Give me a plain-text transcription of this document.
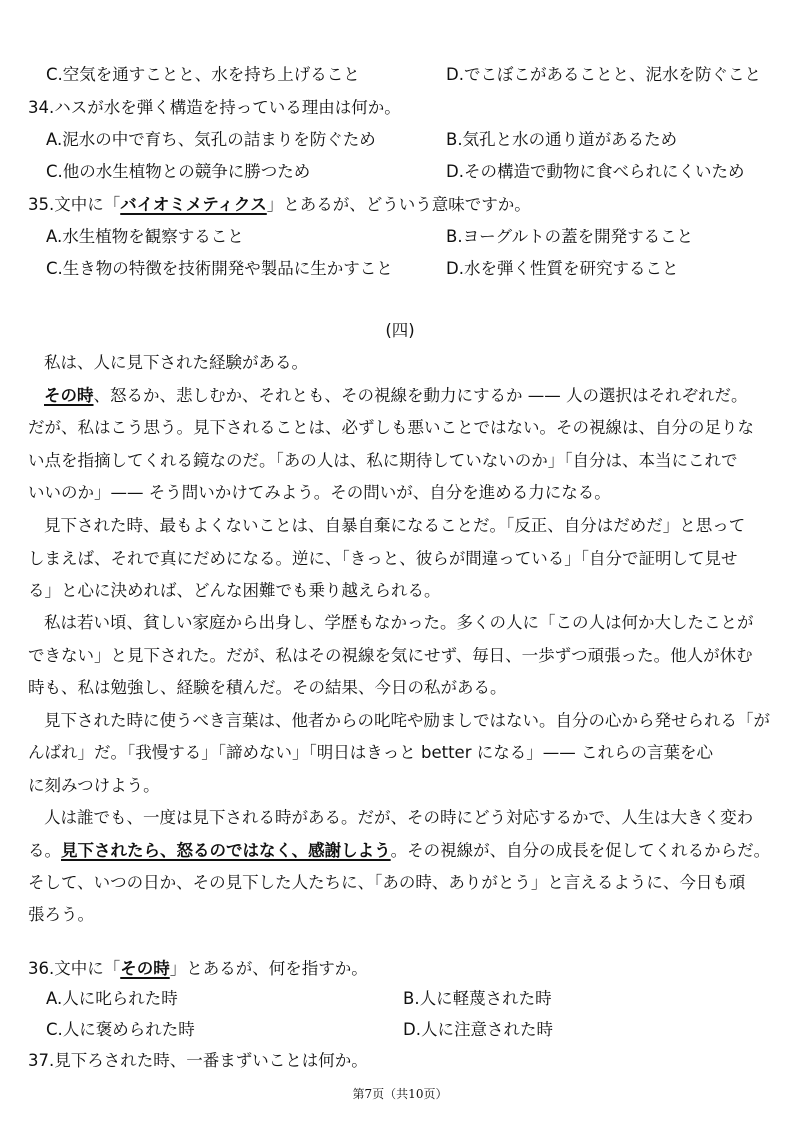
C.空気を通すことと、水を持ち上げること	D.でこぼこがあることと、泥水を防ぐこと
34.ハスが水を弾く構造を持っている理由は何か。
A.泥水の中で育ち、気孔の詰まりを防ぐため	B.気孔と水の通り道があるため
C.他の水生植物との競争に勝つため	D.その構造で動物に食べられにくいため
35.文中に「バイオミメティクス」とあるが、どういう意味ですか。
A.水生植物を観察すること	B.ヨーグルトの蓋を開発すること
C.生き物の特徴を技術開発や製品に生かすこと	D.水を弾く性質を研究すること
(四)
私は、人に見下された経験がある。
その時、怒るか、悲しむか、それとも、その視線を動力にするか —— 人の選択はそれぞれだ。
だが、私はこう思う。見下されることは、必ずしも悪いことではない。その視線は、自分の足りな
い点を指摘してくれる鏡なのだ。「あの人は、私に期待していないのか」「自分は、本当にこれで
いいのか」—— そう問いかけてみよう。その問いが、自分を進める力になる。
見下された時、最もよくないことは、自暴自棄になることだ。「反正、自分はだめだ」と思って
しまえば、それで真にだめになる。逆に、「きっと、彼らが間違っている」「自分で証明して見せ
る」と心に決めれば、どんな困難でも乗り越えられる。
私は若い頃、貧しい家庭から出身し、学歴もなかった。多くの人に「この人は何か大したことが
できない」と見下された。だが、私はその視線を気にせず、毎日、一歩ずつ頑張った。他人が休む
時も、私は勉強し、経験を積んだ。その結果、今日の私がある。
見下された時に使うべき言葉は、他者からの叱咤や励ましではない。自分の心から発せられる「が
んばれ」だ。「我慢する」「諦めない」「明日はきっと better になる」—— これらの言葉を心
に刻みつけよう。
人は誰でも、一度は見下される時がある。だが、その時にどう対応するかで、人生は大きく変わ
る。見下されたら、怒るのではなく、感謝しよう。その視線が、自分の成長を促してくれるからだ。
そして、いつの日か、その見下した人たちに、「あの時、ありがとう」と言えるように、今日も頑
張ろう。
36.文中に「その時」とあるが、何を指すか。
A.人に叱られた時	B.人に軽蔑された時
C.人に褒められた時	D.人に注意された時
37.見下ろされた時、一番まずいことは何か。
第7页（共10页）
